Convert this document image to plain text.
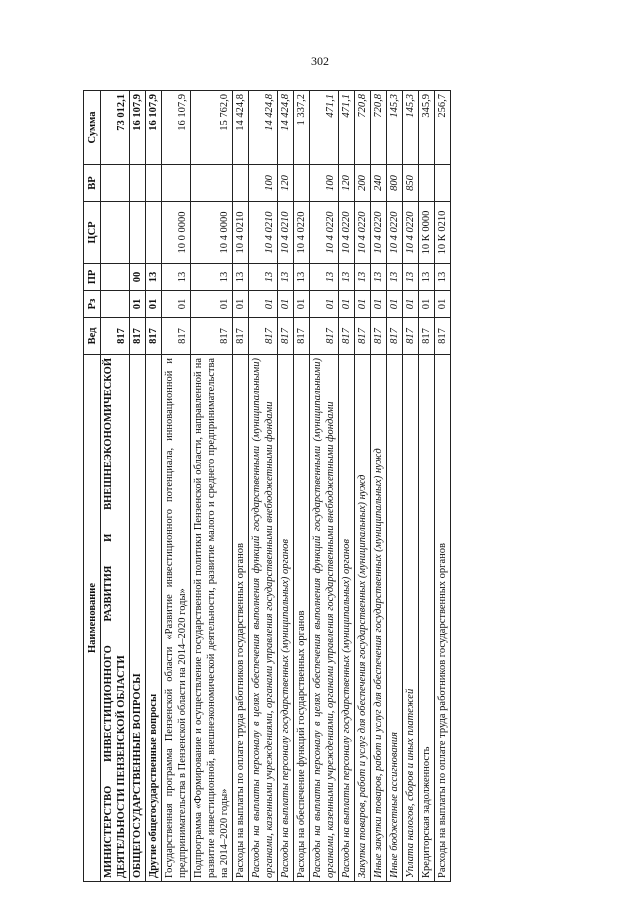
302
Наименование	Вед	Рз	ПР	ЦСР	ВР	Сумма
МИНИСТЕРСТВО ИНВЕСТИЦИОННОГО РАЗВИТИЯ И ВНЕШНЕЭКОНОМИЧЕСКОЙ ДЕЯТЕЛЬНОСТИ ПЕНЗЕНСКОЙ ОБЛАСТИ	817					73 012,1
ОБЩЕГОСУДАРСТВЕННЫЕ ВОПРОСЫ	817	01	00			16 107,9
Другие общегосударственные вопросы	817	01	13			16 107,9
Государственная программа Пензенской области «Развитие инвестиционного потенциала, инновационной и предпринимательства в Пензенской области на 2014–2020 годы»	817	01	13	10 0 0000		16 107,9
Подпрограмма «Формирование и осуществление государственной политики Пензенской области, направленной на развитие инвестиционной, внешнеэкономической деятельности, развитие малого и среднего предпринимательства на 2014–2020 годы»	817	01	13	10 4 0000		15 762,0
Расходы на выплаты по оплате труда работников государственных органов	817	01	13	10 4 0210		14 424,8
Расходы на выплаты персоналу в целях обеспечения выполнения функций государственными (муниципальными) органами, казенными учреждениями, органами управления государственными внебюджетными фондами	817	01	13	10 4 0210	100	14 424,8
Расходы на выплаты персоналу государственных (муниципальных) органов	817	01	13	10 4 0210	120	14 424,8
Расходы на обеспечение функций государственных органов	817	01	13	10 4 0220		1 337,2
Расходы на выплаты персоналу в целях обеспечения выполнения функций государственными (муниципальными) органами, казенными учреждениями, органами управления государственными внебюджетными фондами	817	01	13	10 4 0220	100	471,1
Расходы на выплаты персоналу государственных (муниципальных) органов	817	01	13	10 4 0220	120	471,1
Закупка товаров, работ и услуг для обеспечения государственных (муниципальных) нужд	817	01	13	10 4 0220	200	720,8
Иные закупки товаров, работ и услуг для обеспечения государственных (муниципальных) нужд	817	01	13	10 4 0220	240	720,8
Иные бюджетные ассигнования	817	01	13	10 4 0220	800	145,3
Уплата налогов, сборов и иных платежей	817	01	13	10 4 0220	850	145,3
Кредиторская задолженность	817	01	13	10 К 0000		345,9
Расходы на выплаты по оплате труда работников государственных органов	817	01	13	10 К 0210		256,7
